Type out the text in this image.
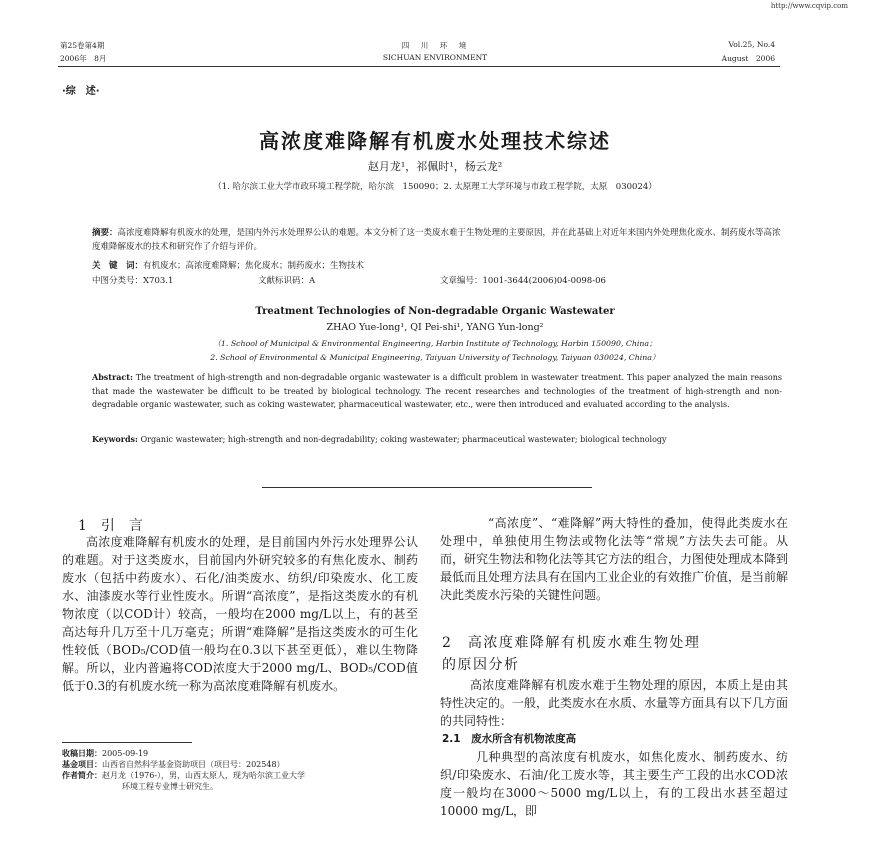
http://www.cqvip.com
第25卷第4期
2006年　8月
四　川　环　境
SICHUAN ENVIRONMENT
Vol.25, No.4
August　2006
·综　述·
高浓度难降解有机废水处理技术综述
赵月龙¹，祁佩时¹，杨云龙²
（1. 哈尔滨工业大学市政环境工程学院，哈尔滨　150090；2. 太原理工大学环境与市政工程学院，太原　030024）
摘要：高浓度难降解有机废水的处理，是国内外污水处理界公认的难题。本文分析了这一类废水难于生物处理的主要原因，并在此基础上对近年来国内外处理焦化废水、制药废水等高浓度难降解废水的技术和研究作了介绍与评价。
关　键　词：有机废水；高浓度难降解；焦化废水；制药废水；生物技术
中图分类号：X703.1	文献标识码：A	文章编号：1001-3644(2006)04-0098-06
Treatment Technologies of Non-degradable Organic Wastewater
ZHAO Yue-long¹, QI Pei-shi¹, YANG Yun-long²
（1. School of Municipal & Environmental Engineering, Harbin Institute of Technology, Harbin 150090, China；
2. School of Environmental & Municipal Engineering, Taiyuan University of Technology, Taiyuan 030024, China）
Abstract: The treatment of high-strength and non-degradable organic wastewater is a difficult problem in wastewater treatment. This paper analyzed the main reasons that made the wastewater be difficult to be treated by biological technology. The recent researches and technologies of the treatment of high-strength and non-degradable organic wastewater, such as coking wastewater, pharmaceutical wastewater, etc., were then introduced and evaluated according to the analysis.
Keywords: Organic wastewater; high-strength and non-degradability; coking wastewater; pharmaceutical wastewater; biological technology
1　引　言
高浓度难降解有机废水的处理，是目前国内外污水处理界公认的难题。对于这类废水，目前国内外研究较多的有焦化废水、制药废水（包括中药废水）、石化/油类废水、纺织/印染废水、化工废水、油漆废水等行业性废水。所谓“高浓度”，是指这类废水的有机物浓度（以COD计）较高，一般均在2000 mg/L以上，有的甚至高达每升几万至十几万毫克；所谓“难降解”是指这类废水的可生化性较低（BOD₅/COD值一般均在0.3以下甚至更低），难以生物降解。所以，业内普遍将COD浓度大于2000 mg/L、BOD₅/COD值低于0.3的有机废水统一称为高浓度难降解有机废水。
收稿日期：2005-09-19
基金项目：山西省自然科学基金资助项目（项目号：202548）
作者简介：赵月龙（1976-），男，山西太原人，现为哈尔滨工业大学
环境工程专业博士研究生。
“高浓度”、“难降解”两大特性的叠加，使得此类废水在处理中，单独使用生物法或物化法等“常规”方法失去可能。从而，研究生物法和物化法等其它方法的组合，力图使处理成本降到最低而且处理方法具有在国内工业企业的有效推广价值，是当前解决此类废水污染的关键性问题。
2　高浓度难降解有机废水难生物处理
的原因分析
高浓度难降解有机废水难于生物处理的原因，本质上是由其特性决定的。一般，此类废水在水质、水量等方面具有以下几方面的共同特性：
2.1　废水所含有机物浓度高
几种典型的高浓度有机废水，如焦化废水、制药废水、纺织/印染废水、石油/化工废水等，其主要生产工段的出水COD浓度一般均在3000～5000 mg/L以上，有的工段出水甚至超过10000 mg/L，即
